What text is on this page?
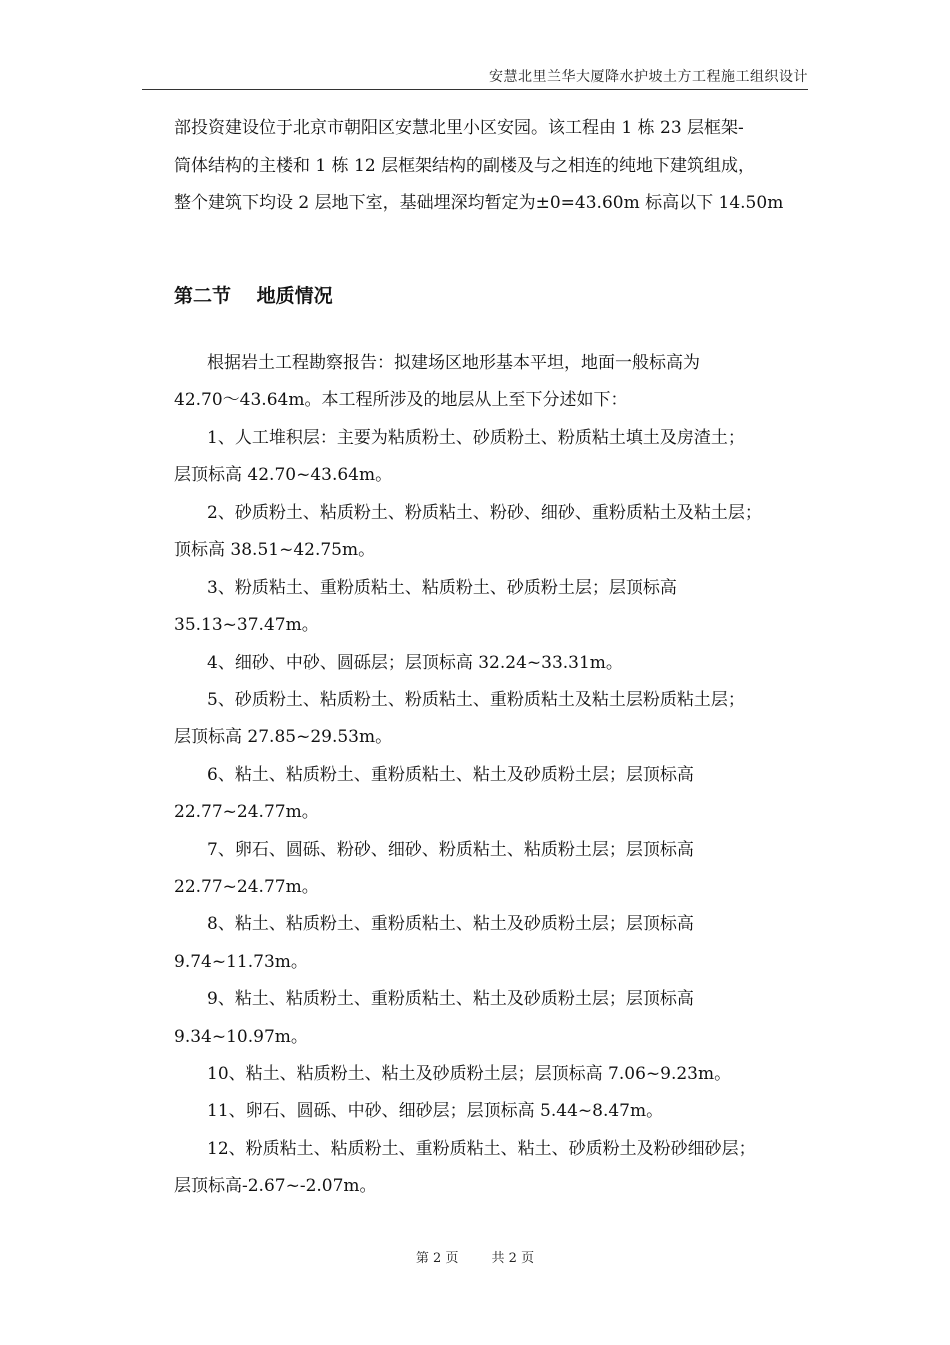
安慧北里兰华大厦降水护坡土方工程施工组织设计
部投资建设位于北京市朝阳区安慧北里小区安园。该工程由 1 栋 23 层框架-
筒体结构的主楼和 1 栋 12 层框架结构的副楼及与之相连的纯地下建筑组成，
整个建筑下均设 2 层地下室，基础埋深均暂定为±0=43.60m 标高以下 14.50m
第二节　 地质情况
根据岩土工程勘察报告：拟建场区地形基本平坦，地面一般标高为
42.70～43.64m。本工程所涉及的地层从上至下分述如下：
1、人工堆积层：主要为粘质粉土、砂质粉土、粉质粘土填土及房渣土；
层顶标高 42.70~43.64m。
2、砂质粉土、粘质粉土、粉质粘土、粉砂、细砂、重粉质粘土及粘土层；
顶标高 38.51~42.75m。
3、粉质粘土、重粉质粘土、粘质粉土、砂质粉土层；层顶标高
35.13~37.47m。
4、细砂、中砂、圆砾层；层顶标高 32.24~33.31m。
5、砂质粉土、粘质粉土、粉质粘土、重粉质粘土及粘土层粉质粘土层；
层顶标高 27.85~29.53m。
6、粘土、粘质粉土、重粉质粘土、粘土及砂质粉土层；层顶标高
22.77~24.77m。
7、卵石、圆砾、粉砂、细砂、粉质粘土、粘质粉土层；层顶标高
22.77~24.77m。
8、粘土、粘质粉土、重粉质粘土、粘土及砂质粉土层；层顶标高
9.74~11.73m。
9、粘土、粘质粉土、重粉质粘土、粘土及砂质粉土层；层顶标高
9.34~10.97m。
10、粘土、粘质粉土、粘土及砂质粉土层；层顶标高 7.06~9.23m。
11、卵石、圆砾、中砂、细砂层；层顶标高 5.44~8.47m。
12、粉质粘土、粘质粉土、重粉质粘土、粘土、砂质粉土及粉砂细砂层；
层顶标高-2.67~-2.07m。
第 2 页	共 2 页
